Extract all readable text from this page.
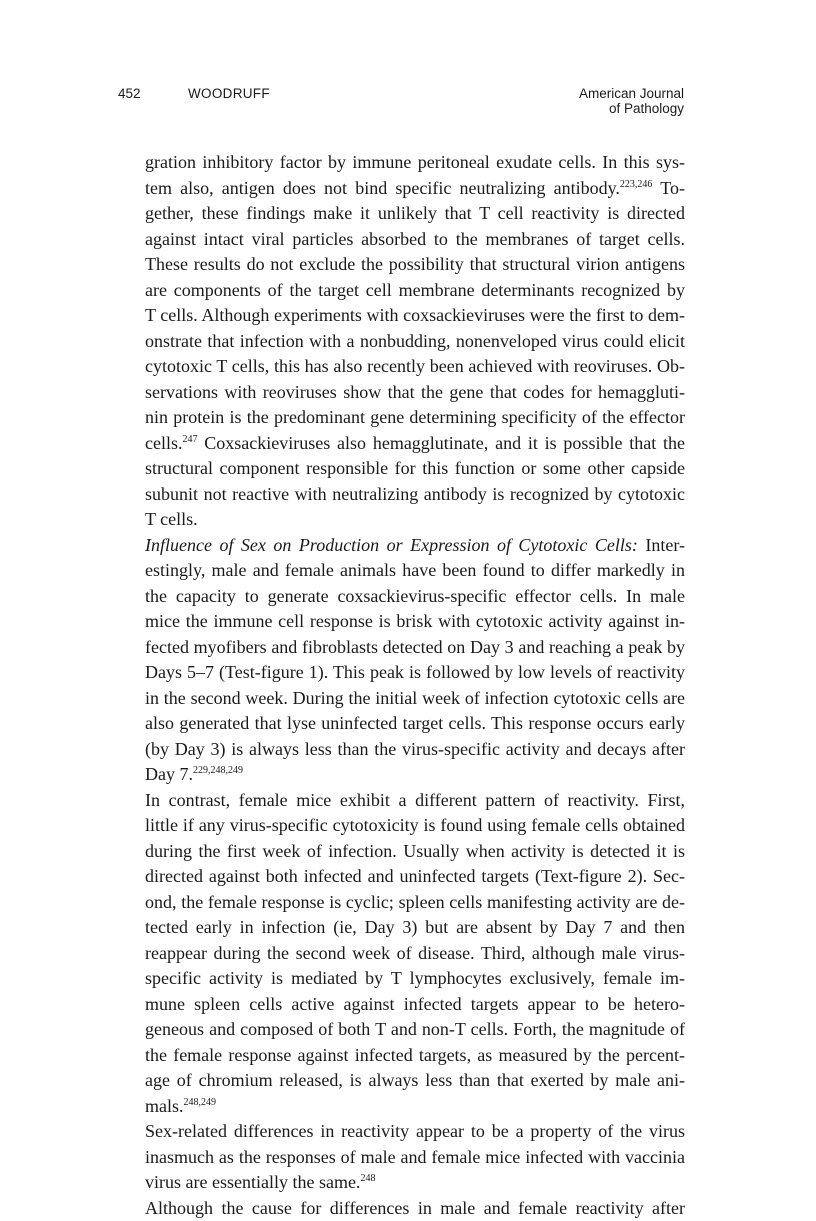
452	WOODRUFF	American Journal
of Pathology
gration inhibitory factor by immune peritoneal exudate cells. In this sys-
tem also, antigen does not bind specific neutralizing antibody.$^{223,246}$ To-
gether, these findings make it unlikely that T cell reactivity is directed
against intact viral particles absorbed to the membranes of target cells.
These results do not exclude the possibility that structural virion antigens
are components of the target cell membrane determinants recognized by
T cells. Although experiments with coxsackieviruses were the first to dem-
onstrate that infection with a nonbudding, nonenveloped virus could elicit
cytotoxic T cells, this has also recently been achieved with reoviruses. Ob-
servations with reoviruses show that the gene that codes for hemaggluti-
nin protein is the predominant gene determining specificity of the effector
cells.$^{247}$ Coxsackieviruses also hemagglutinate, and it is possible that the
structural component responsible for this function or some other capside
subunit not reactive with neutralizing antibody is recognized by cytotoxic
T cells.
Influence of Sex on Production or Expression of Cytotoxic Cells: Inter-
estingly, male and female animals have been found to differ markedly in
the capacity to generate coxsackievirus-specific effector cells. In male
mice the immune cell response is brisk with cytotoxic activity against in-
fected myofibers and fibroblasts detected on Day 3 and reaching a peak by
Days 5–7 (Test-figure 1). This peak is followed by low levels of reactivity
in the second week. During the initial week of infection cytotoxic cells are
also generated that lyse uninfected target cells. This response occurs early
(by Day 3) is always less than the virus-specific activity and decays after
Day 7.$^{229,248,249}$
In contrast, female mice exhibit a different pattern of reactivity. First,
little if any virus-specific cytotoxicity is found using female cells obtained
during the first week of infection. Usually when activity is detected it is
directed against both infected and uninfected targets (Text-figure 2). Sec-
ond, the female response is cyclic; spleen cells manifesting activity are de-
tected early in infection (ie, Day 3) but are absent by Day 7 and then
reappear during the second week of disease. Third, although male virus-
specific activity is mediated by T lymphocytes exclusively, female im-
mune spleen cells active against infected targets appear to be hetero-
geneous and composed of both T and non-T cells. Forth, the magnitude of
the female response against infected targets, as measured by the percent-
age of chromium released, is always less than that exerted by male ani-
mals.$^{248,249}$
Sex-related differences in reactivity appear to be a property of the virus
inasmuch as the responses of male and female mice infected with vaccinia
virus are essentially the same.$^{248}$
Although the cause for differences in male and female reactivity after
